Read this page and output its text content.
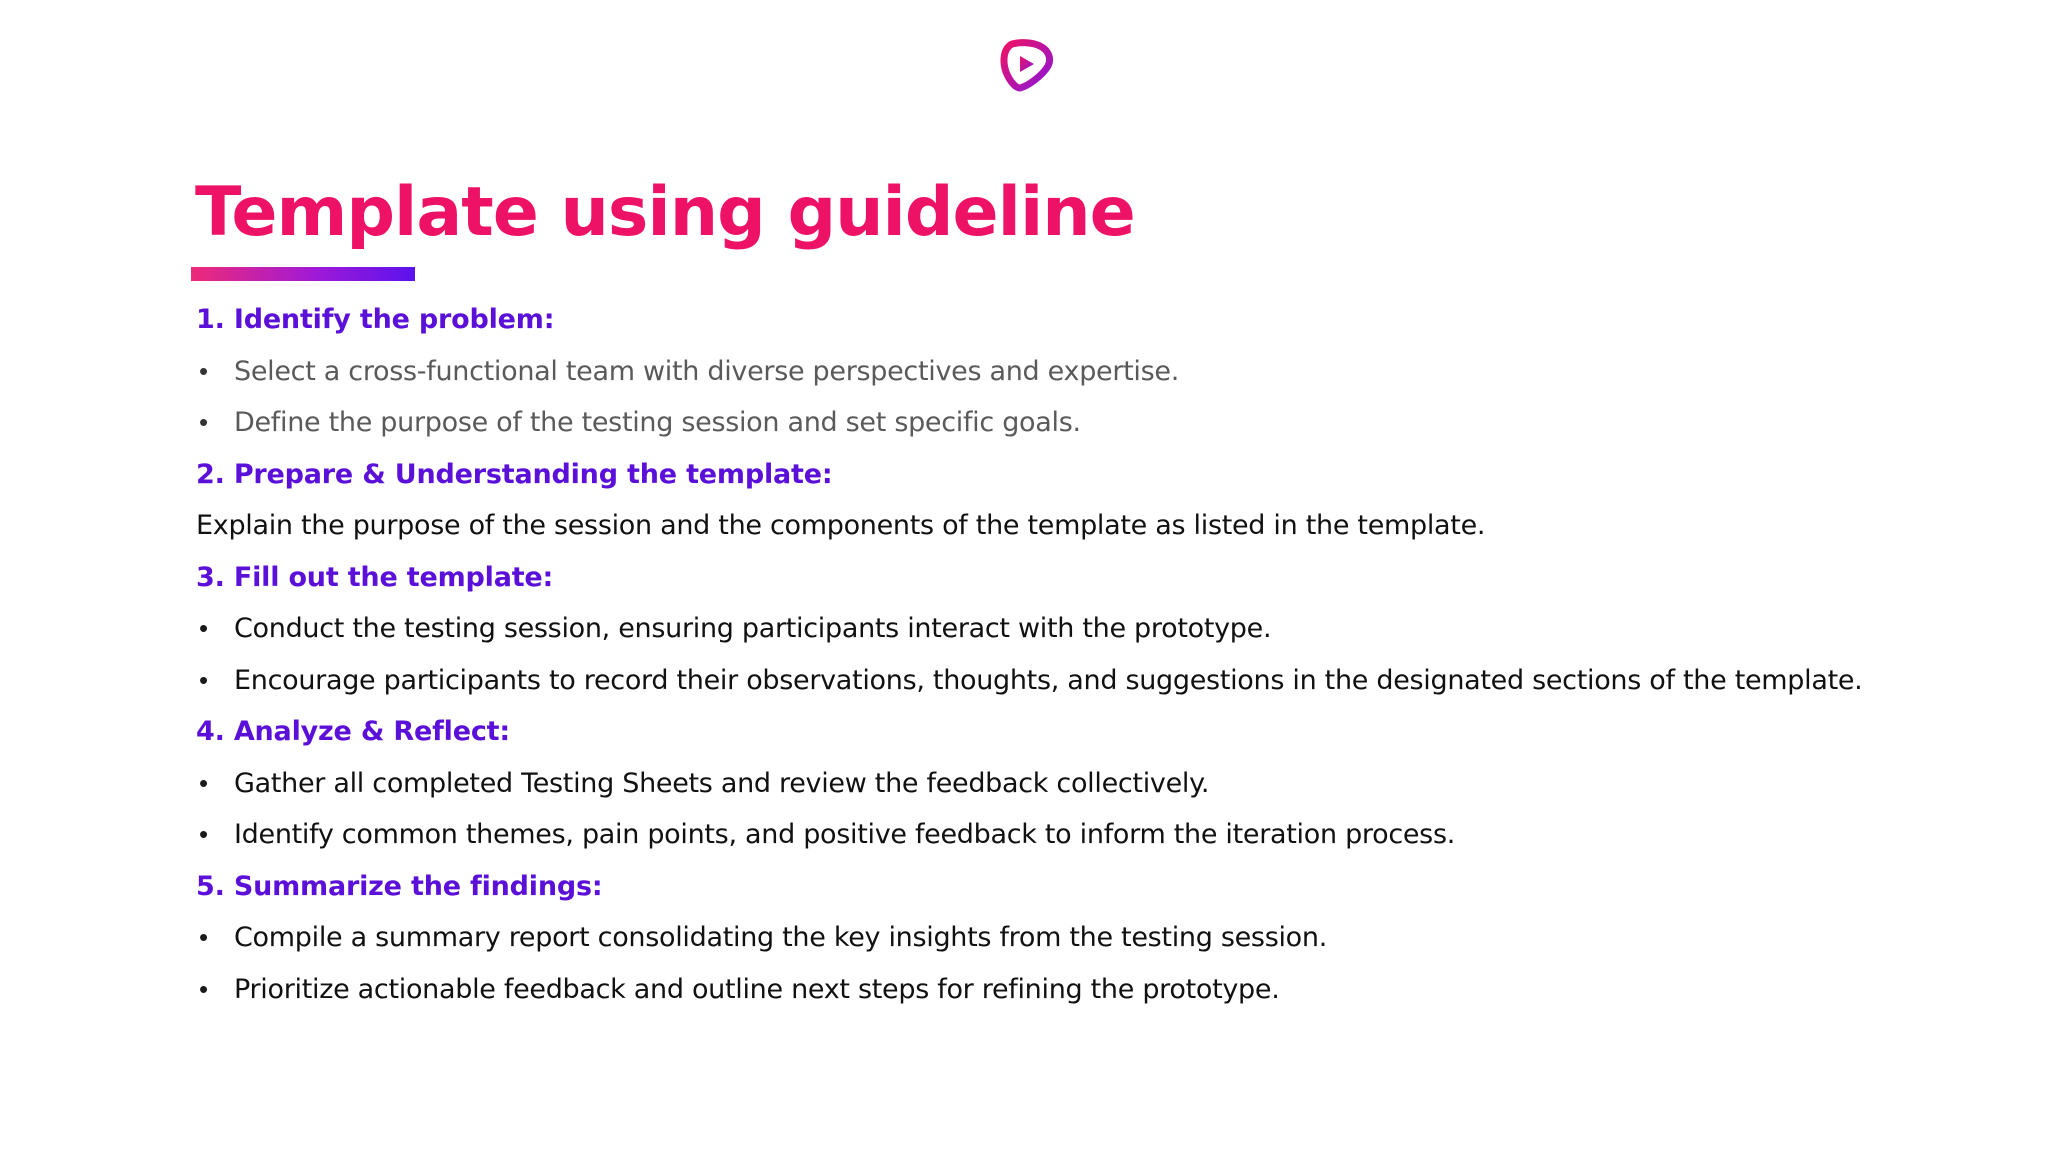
Template using guideline
1. Identify the problem:
• Select a cross-functional team with diverse perspectives and expertise.
• Define the purpose of the testing session and set specific goals.
2. Prepare & Understanding the template:
Explain the purpose of the session and the components of the template as listed in the template.
3. Fill out the template:
• Conduct the testing session, ensuring participants interact with the prototype.
• Encourage participants to record their observations, thoughts, and suggestions in the designated sections of the template.
4. Analyze & Reflect:
• Gather all completed Testing Sheets and review the feedback collectively.
• Identify common themes, pain points, and positive feedback to inform the iteration process.
5. Summarize the findings:
• Compile a summary report consolidating the key insights from the testing session.
• Prioritize actionable feedback and outline next steps for refining the prototype.
